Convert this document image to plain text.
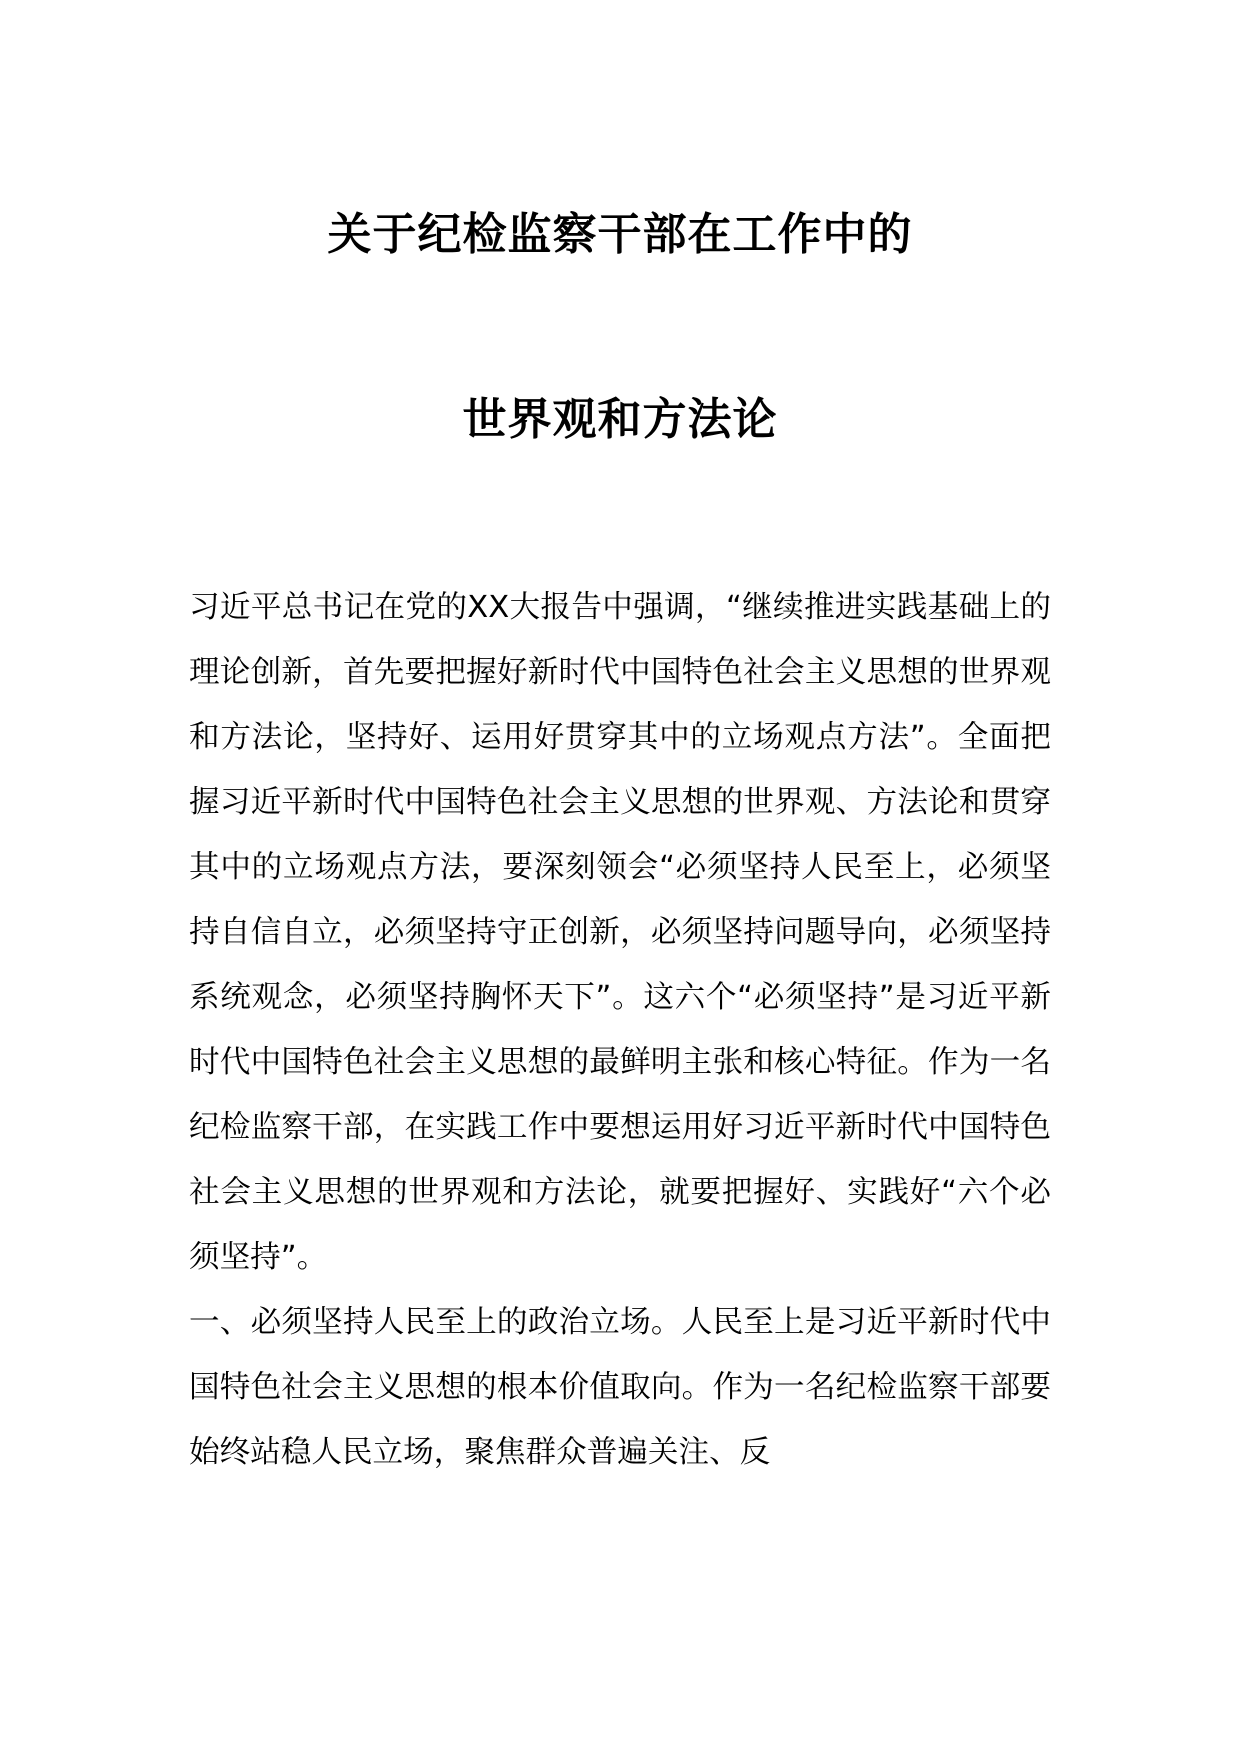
关于纪检监察干部在工作中的
世界观和方法论

习近平总书记在党的XX大报告中强调，“继续推进实践基础上的理论创新，首先要把握好新时代中国特色社会主义思想的世界观和方法论，坚持好、运用好贯穿其中的立场观点方法”。全面把握习近平新时代中国特色社会主义思想的世界观、方法论和贯穿其中的立场观点方法，要深刻领会“必须坚持人民至上，必须坚持自信自立，必须坚持守正创新，必须坚持问题导向，必须坚持系统观念，必须坚持胸怀天下”。这六个“必须坚持”是习近平新时代中国特色社会主义思想的最鲜明主张和核心特征。作为一名纪检监察干部，在实践工作中要想运用好习近平新时代中国特色社会主义思想的世界观和方法论，就要把握好、实践好“六个必须坚持”。

一、必须坚持人民至上的政治立场。人民至上是习近平新时代中国特色社会主义思想的根本价值取向。作为一名纪检监察干部要始终站稳人民立场，聚焦群众普遍关注、反
